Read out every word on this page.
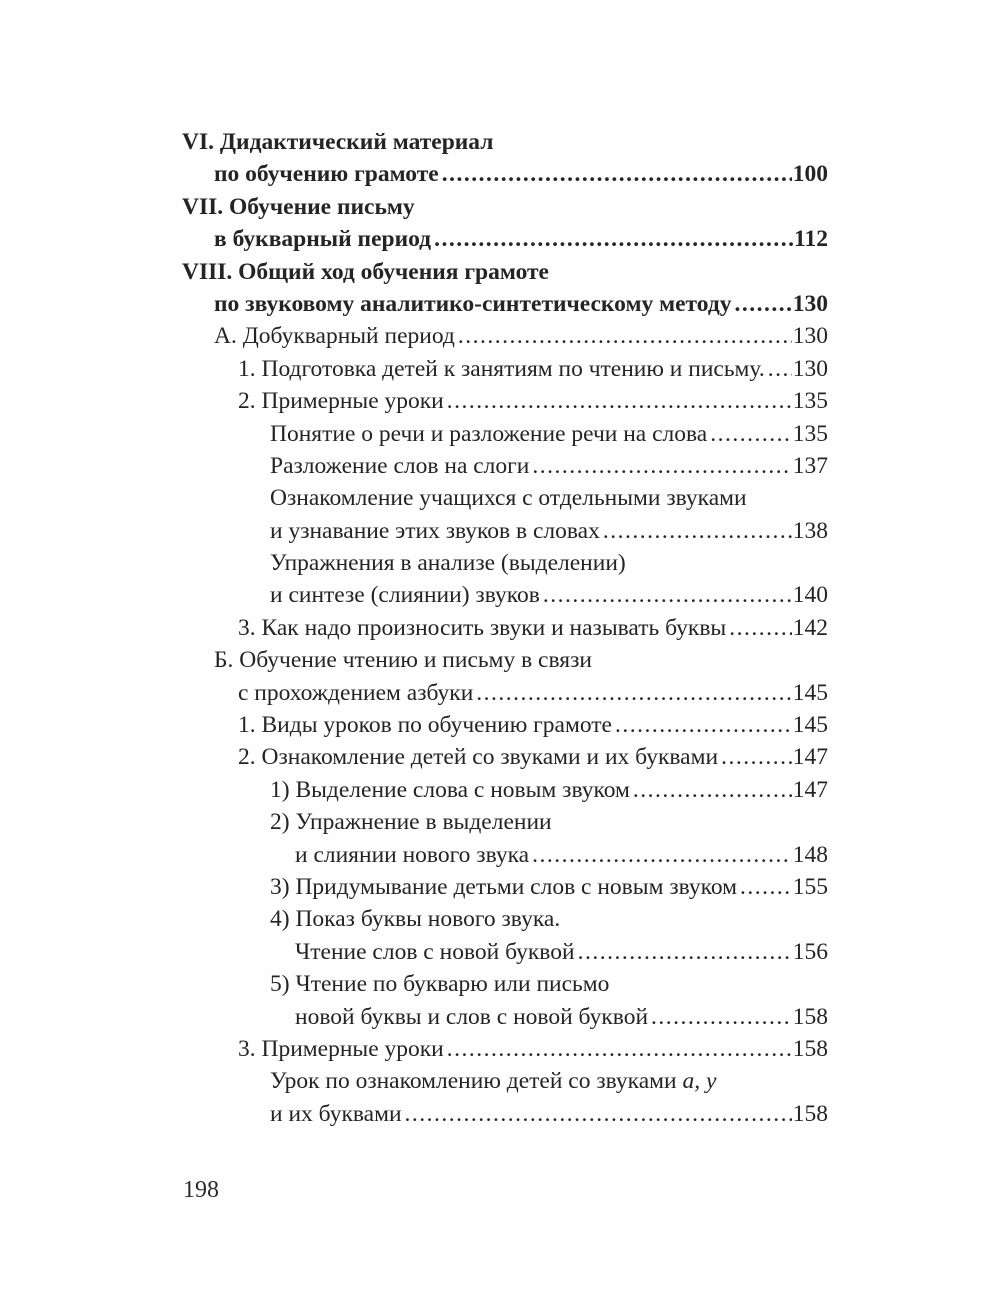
VI. Дидактический материал
по обучению грамоте .....	100
VII. Обучение письму
в букварный период .....	112
VIII. Общий ход обучения грамоте
по звуковому аналитико-синтетическому методу .....	130
А. Добукварный период .....	130
1. Подготовка детей к занятиям по чтению и письму. ..... 130
2. Примерные уроки .....	135
Понятие о речи и разложение речи на слова .....	135
Разложение слов на слоги .....	137
Ознакомление учащихся с отдельными звуками
и узнавание этих звуков в словах .....	138
Упражнения в анализе (выделении)
и синтезе (слиянии) звуков .....	140
3. Как надо произносить звуки и называть буквы .....	142
Б. Обучение чтению и письму в связи
с прохождением азбуки .....	145
1. Виды уроков по обучению грамоте .....	145
2. Ознакомление детей со звуками и их буквами .....	147
1) Выделение слова с новым звуком .....	147
2) Упражнение в выделении
и слиянии нового звука .....	148
3) Придумывание детьми слов с новым звуком ..... 155
4) Показ буквы нового звука.
Чтение слов с новой буквой .....	156
5) Чтение по букварю или письмо
новой буквы и слов с новой буквой .....	158
3. Примерные уроки .....	158
Урок по ознакомлению детей со звуками а, у
и их буквами .....	158
198
